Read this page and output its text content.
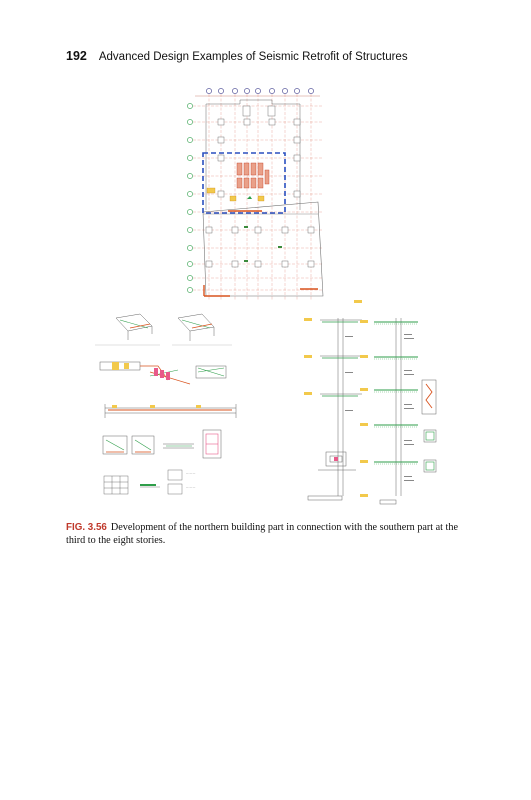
192 Advanced Design Examples of Seismic Retrofit of Structures
— — —
— — —
FIG. 3.56 Development of the northern building part in connection with the southern part at the third to the eight stories.
